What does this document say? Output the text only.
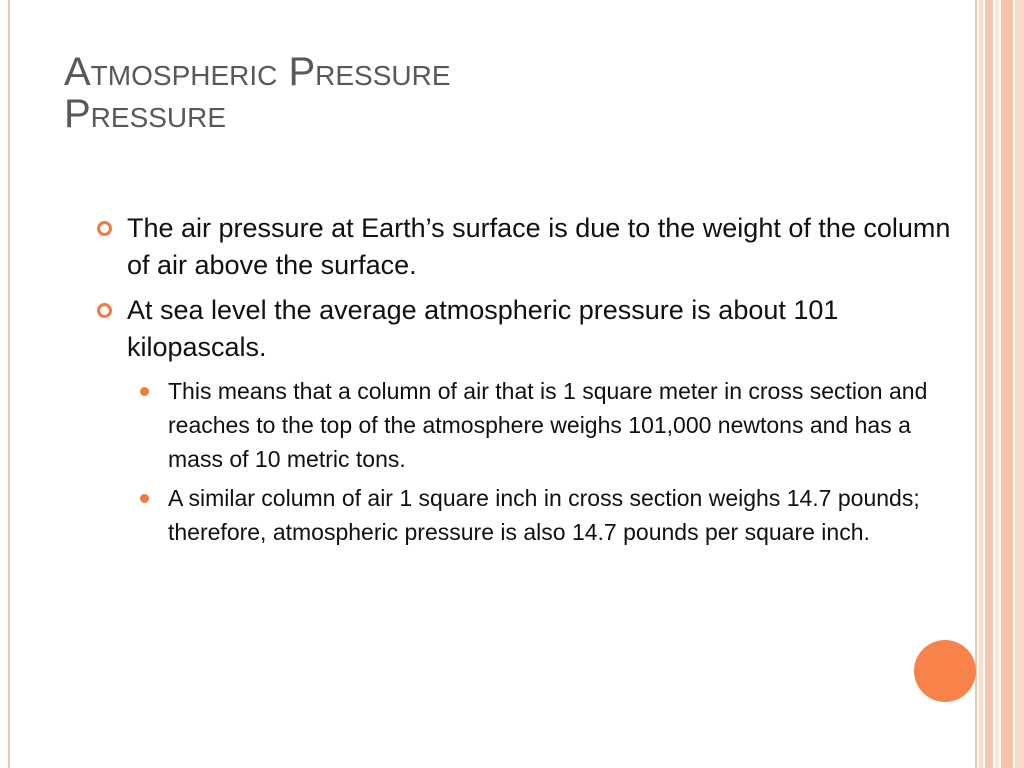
Atmospheric Pressure
Pressure
The air pressure at Earth’s surface is due to the weight of the column of air above the surface.
At sea level the average atmospheric pressure is about 101 kilopascals.
This means that a column of air that is 1 square meter in cross section and reaches to the top of the atmosphere weighs 101,000 newtons and has a mass of 10 metric tons.
A similar column of air 1 square inch in cross section weighs 14.7 pounds; therefore, atmospheric pressure is also 14.7 pounds per square inch.
